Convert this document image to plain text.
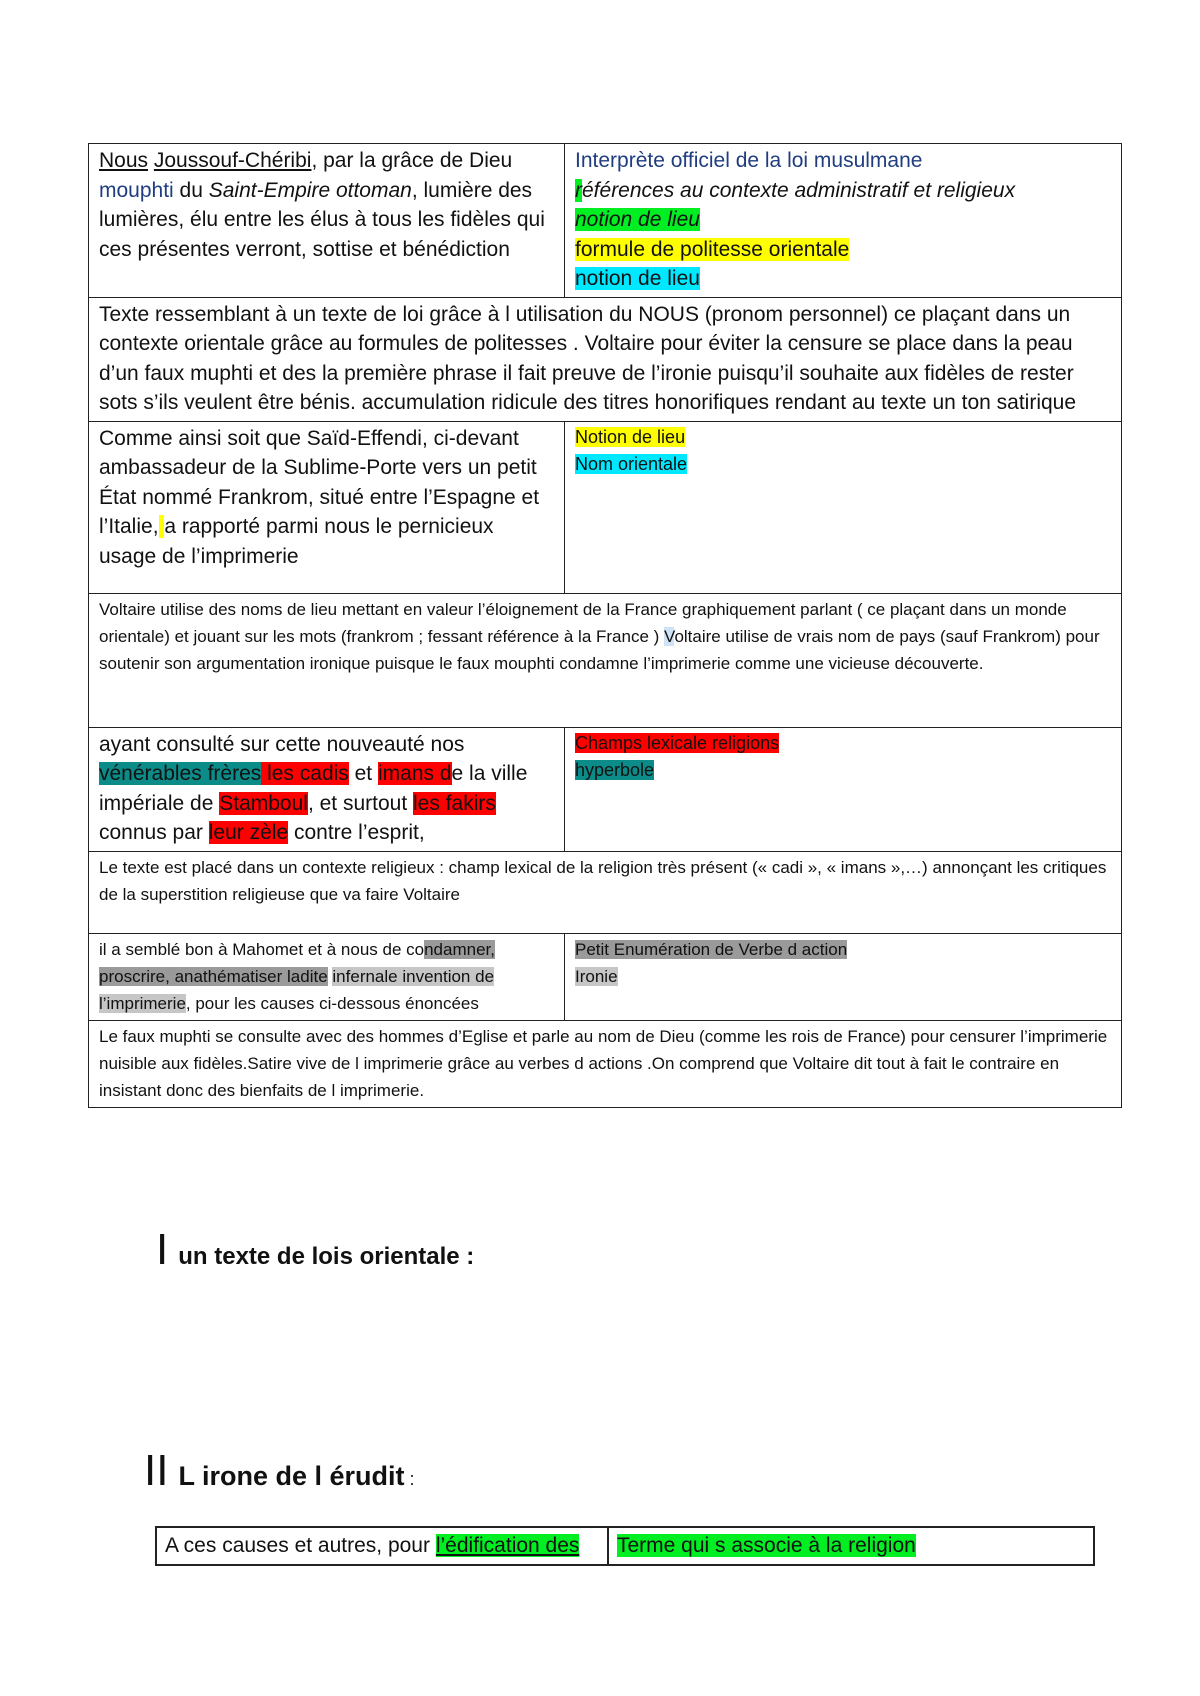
Nous Joussouf-Chéribi, par la grâce de Dieu mouphti du Saint-Empire ottoman, lumière des lumières, élu entre les élus à tous les fidèles qui ces présentes verront, sottise et bénédiction	Interprète officiel de la loi musulmane
références au contexte administratif et religieux
notion de lieu
formule de politesse orientale
notion de lieu

Texte ressemblant à un texte de loi grâce à l utilisation du NOUS (pronom personnel) ce plaçant dans un contexte orientale grâce au formules de politesses . Voltaire pour éviter la censure se place dans la peau d’un faux muphti et des la première phrase il fait preuve de l’ironie puisqu’il souhaite aux fidèles de rester sots s’ils veulent être bénis. accumulation ridicule des titres honorifiques rendant au texte un ton satirique	
Comme ainsi soit que Saïd-Effendi, ci-devant ambassadeur de la Sublime-Porte vers un petit État nommé Frankrom, situé entre l’Espagne et l’Italie, a rapporté parmi nous le pernicieux usage de l’imprimerie	Notion de lieu
Nom orientale

Voltaire utilise des noms de lieu mettant en valeur l’éloignement de la France graphiquement parlant ( ce plaçant dans un monde orientale) et jouant sur les mots (frankrom ; fessant référence à la France ) Voltaire utilise de vrais nom de pays (sauf Frankrom) pour soutenir son argumentation ironique puisque le faux mouphti condamne l’imprimerie comme une vicieuse découverte.	
ayant consulté sur cette nouveauté nos vénérables frères les cadis et imans de la ville impériale de Stamboul, et surtout les fakirs connus par leur zèle contre l’esprit,	Champs lexicale religions
hyperbole

Le texte est placé dans un contexte religieux : champ lexical de la religion très présent (« cadi », « imans »,…) annonçant les critiques de la superstition religieuse que va faire Voltaire	
il a semblé bon à Mahomet et à nous de condamner, proscrire, anathématiser ladite infernale invention de l’imprimerie, pour les causes ci-dessous énoncées	Petit Enumération de Verbe d action
Ironie

Le faux muphti se consulte avec des hommes d’Eglise et parle au nom de Dieu (comme les rois de France) pour censurer l’imprimerie nuisible aux fidèles.Satire vive de l imprimerie grâce au verbes d actions .On comprend que Voltaire dit tout à fait le contraire en insistant donc des bienfaits de l imprimerie.	
Iun texte de lois orientale :
II L irone de l érudit :
A ces causes et autres, pour l’édification des	Terme qui s associe à la religion
